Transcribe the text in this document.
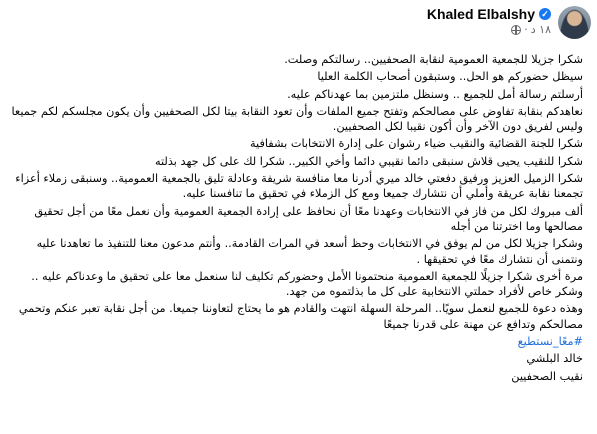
Khaled Elbalshy ✓
١٨ د
·

شكرا جزيلا للجمعية العمومية لنقابة الصحفيين.. رسالتكم وصلت.

سيظل حضوركم هو الحل.. وستبقون أصحاب الكلمة العليا

أرسلتم رسالة أمل للجميع .. وسنظل ملتزمين بما عهدناكم عليه.

نعاهدكم بنقابة تفاوض على مصالحكم وتفتح جميع الملفات وأن تعود النقابة بيتا لكل الصحفيين وأن يكون مجلسكم لكم جميعا وليس لفريق دون الآخر وأن أكون نقيبا لكل الصحفيين.

شكرا للجنة القضائية والنقيب ضياء رشوان على إدارة الانتخابات بشفافية

شكرا للنقيب يحيى قلاش سنبقى دائما نقيبي دائما وأخي الكبير.. شكرا لك على كل جهد بذلته

شكرا الزميل العزيز ورفيق دفعتي خالد ميري أدرنا معا منافسة شريفة وعادلة تليق بالجمعية العمومية.. وسنبقى زملاء أعزاء تجمعنا نقابة عريقة وأملي أن نتشارك جميعا ومع كل الزملاء في تحقيق ما تنافسنا عليه.

ألف مبروك لكل من فاز في الانتخابات وعهدنا معًا أن نحافظ على إرادة الجمعية العمومية وأن نعمل معًا من أجل تحقيق مصالحها وما اخترتنا من أجله

وشكرا جزيلا لكل من لم يوفق في الانتخابات وحظ أسعد في المرات القادمة.. وأنتم مدعون معنا للتنفيذ ما تعاهدنا عليه ونتمنى أن نتشارك معًا في تحقيقها .

مرة أخرى شكرا جزيلًا للجمعية العمومية منحتمونا الأمل وحضوركم تكليف لنا سنعمل معا على تحقيق ما وعدناكم عليه .. وشكر خاص لأفراد حملتي الانتخابية على كل ما بذلتموه من جهد.

وهذه دعوة للجميع لنعمل سويًا.. المرحلة السهلة انتهت والقادم هو ما يحتاج لتعاوننا جميعا. من أجل نقابة تعبر عنكم وتحمي مصالحكم وتدافع عن مهنة على قدرنا جميعًا

#معًا_نستطيع

خالد البلشي

نقيب الصحفيين
